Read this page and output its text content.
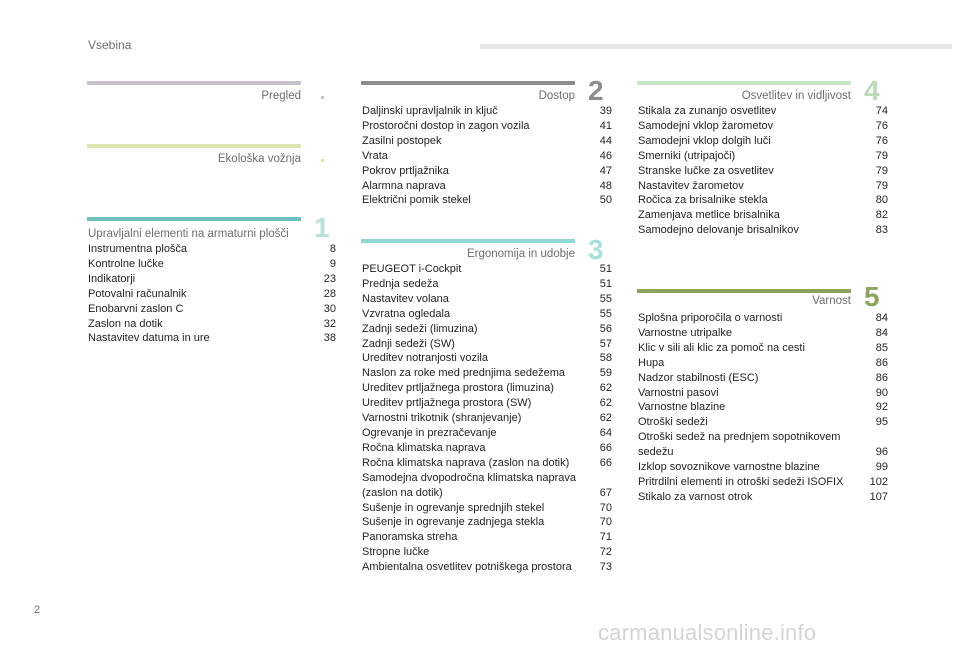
Vsebina
Pregled
Ekološka vožnja
Upravljalni elementi na armaturni plošči 1
Instrumentna plošča	8
Kontrolne lučke	9
Indikatorji	23
Potovalni računalnik	28
Enobarvni zaslon C	30
Zaslon na dotik	32
Nastavitev datuma in ure	38
Dostop 2
Daljinski upravljalnik in ključ	39
Prostoročni dostop in zagon vozila	41
Zasilni postopek	44
Vrata	46
Pokrov prtljažnika	47
Alarmna naprava	48
Električni pomik stekel	50
Ergonomija in udobje 3
PEUGEOT i-Cockpit	51
Prednja sedeža	51
Nastavitev volana	55
Vzvratna ogledala	55
Zadnji sedeži (limuzina)	56
Zadnji sedeži (SW)	57
Ureditev notranjosti vozila	58
Naslon za roke med prednjima sedežema	59
Ureditev prtljažnega prostora (limuzina)	62
Ureditev prtljažnega prostora (SW)	62
Varnostni trikotnik (shranjevanje)	62
Ogrevanje in prezračevanje	64
Ročna klimatska naprava	66
Ročna klimatska naprava (zaslon na dotik)	66
Samodejna dvopodročna klimatska naprava (zaslon na dotik)	67
Sušenje in ogrevanje sprednjih stekel	70
Sušenje in ogrevanje zadnjega stekla	70
Panoramska streha	71
Stropne lučke	72
Ambientalna osvetlitev potniškega prostora	73
Osvetlitev in vidljivost 4
Stikala za zunanjo osvetlitev	74
Samodejni vklop žarometov	76
Samodejni vklop dolgih luči	76
Smerniki (utripajoči)	79
Stranske lučke za osvetlitev	79
Nastavitev žarometov	79
Ročica za brisalnike stekla	80
Zamenjava metlice brisalnika	82
Samodejno delovanje brisalnikov	83
Varnost 5
Splošna priporočila o varnosti	84
Varnostne utripalke	84
Klic v sili ali klic za pomoč na cesti	85
Hupa	86
Nadzor stabilnosti (ESC)	86
Varnostni pasovi	90
Varnostne blazine	92
Otroški sedeži	95
Otroški sedež na prednjem sopotnikovem sedežu	96
Izklop sovoznikove varnostne blazine	99
Pritrdilni elementi in otroški sedeži ISOFIX	102
Stikalo za varnost otrok	107
2
carmanualsonline.info
